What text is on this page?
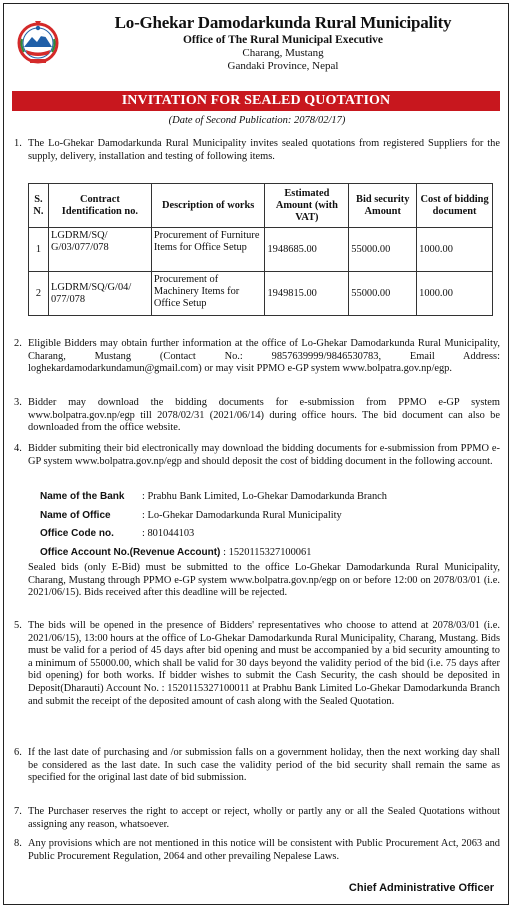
Lo-Ghekar Damodarkunda Rural Municipality
Office of The Rural Municipal Executive
Charang, Mustang
Gandaki Province, Nepal
INVITATION FOR SEALED QUOTATION
(Date of Second Publication: 2078/02/17)
1. The Lo-Ghekar Damodarkunda Rural Municipality invites sealed quotations from registered Suppliers for the supply, delivery, installation and testing of following items.
S. N.	Contract Identification no.	Description of works	Estimated Amount (with VAT)	Bid security Amount	Cost of bidding document
1	LGDRM/SQ/ G/03/077/078	Procurement of Furniture Items for Office Setup	1948685.00	55000.00	1000.00
2	LGDRM/SQ/G/04/ 077/078	Procurement of Machinery Items for Office Setup	1949815.00	55000.00	1000.00
2. Eligible Bidders may obtain further information at the office of Lo-Ghekar Damodarkunda Rural Municipality, Charang, Mustang (Contact No.: 9857639999/9846530783, Email Address: loghekardamodarkundamun@gmail.com) or may visit PPMO e-GP system www.bolpatra.gov.np/egp.
3. Bidder may download the bidding documents for e-submission from PPMO e-GP system www.bolpatra.gov.np/egp till 2078/02/31 (2021/06/14) during office hours. The bid document can also be downloaded from the office website.
4. Bidder submiting their bid electronically may download the bidding documents for e-submission from PPMO e-GP system www.bolpatra.gov.np/egp and should deposit the cost of bidding document in the following account.
Name of the Bank : Prabhu Bank Limited, Lo-Ghekar Damodarkunda Branch
Name of Office	: Lo-Ghekar Damodarkunda Rural Municipality
Office Code no.	: 801044103
Office Account No.(Revenue Account) : 1520115327100061
Sealed bids (only E-Bid) must be submitted to the office Lo-Ghekar Damodarkunda Rural Municipality, Charang, Mustang through PPMO e-GP system www.bolpatra.gov.np/egp on or before 12:00 on 2078/03/01 (i.e. 2021/06/15). Bids received after this deadline will be rejected.
5. The bids will be opened in the presence of Bidders' representatives who choose to attend at 2078/03/01 (i.e. 2021/06/15), 13:00 hours at the office of Lo-Ghekar Damodarkunda Rural Municipality, Charang, Mustang. Bids must be valid for a period of 45 days after bid opening and must be accompanied by a bid security amounting to a minimum of 55000.00, which shall be valid for 30 days beyond the validity period of the bid (i.e. 75 days after bid opening) for both works. If bidder wishes to submit the Cash Security, the cash should be deposited in Deposit(Dharauti) Account No. : 1520115327100011 at Prabhu Bank Limited Lo-Ghekar Damodarkunda Branch and submit the receipt of the deposited amount of cash along with the Sealed Quotation.
6. If the last date of purchasing and /or submission falls on a government holiday, then the next working day shall be considered as the last date. In such case the validity period of the bid security shall remain the same as specified for the original last date of bid submission.
7. The Purchaser reserves the right to accept or reject, wholly or partly any or all the Sealed Quotations without assigning any reason, whatsoever.
8. Any provisions which are not mentioned in this notice will be consistent with Public Procurement Act, 2063 and Public Procurement Regulation, 2064 and other prevailing Nepalese Laws.
Chief Administrative Officer
